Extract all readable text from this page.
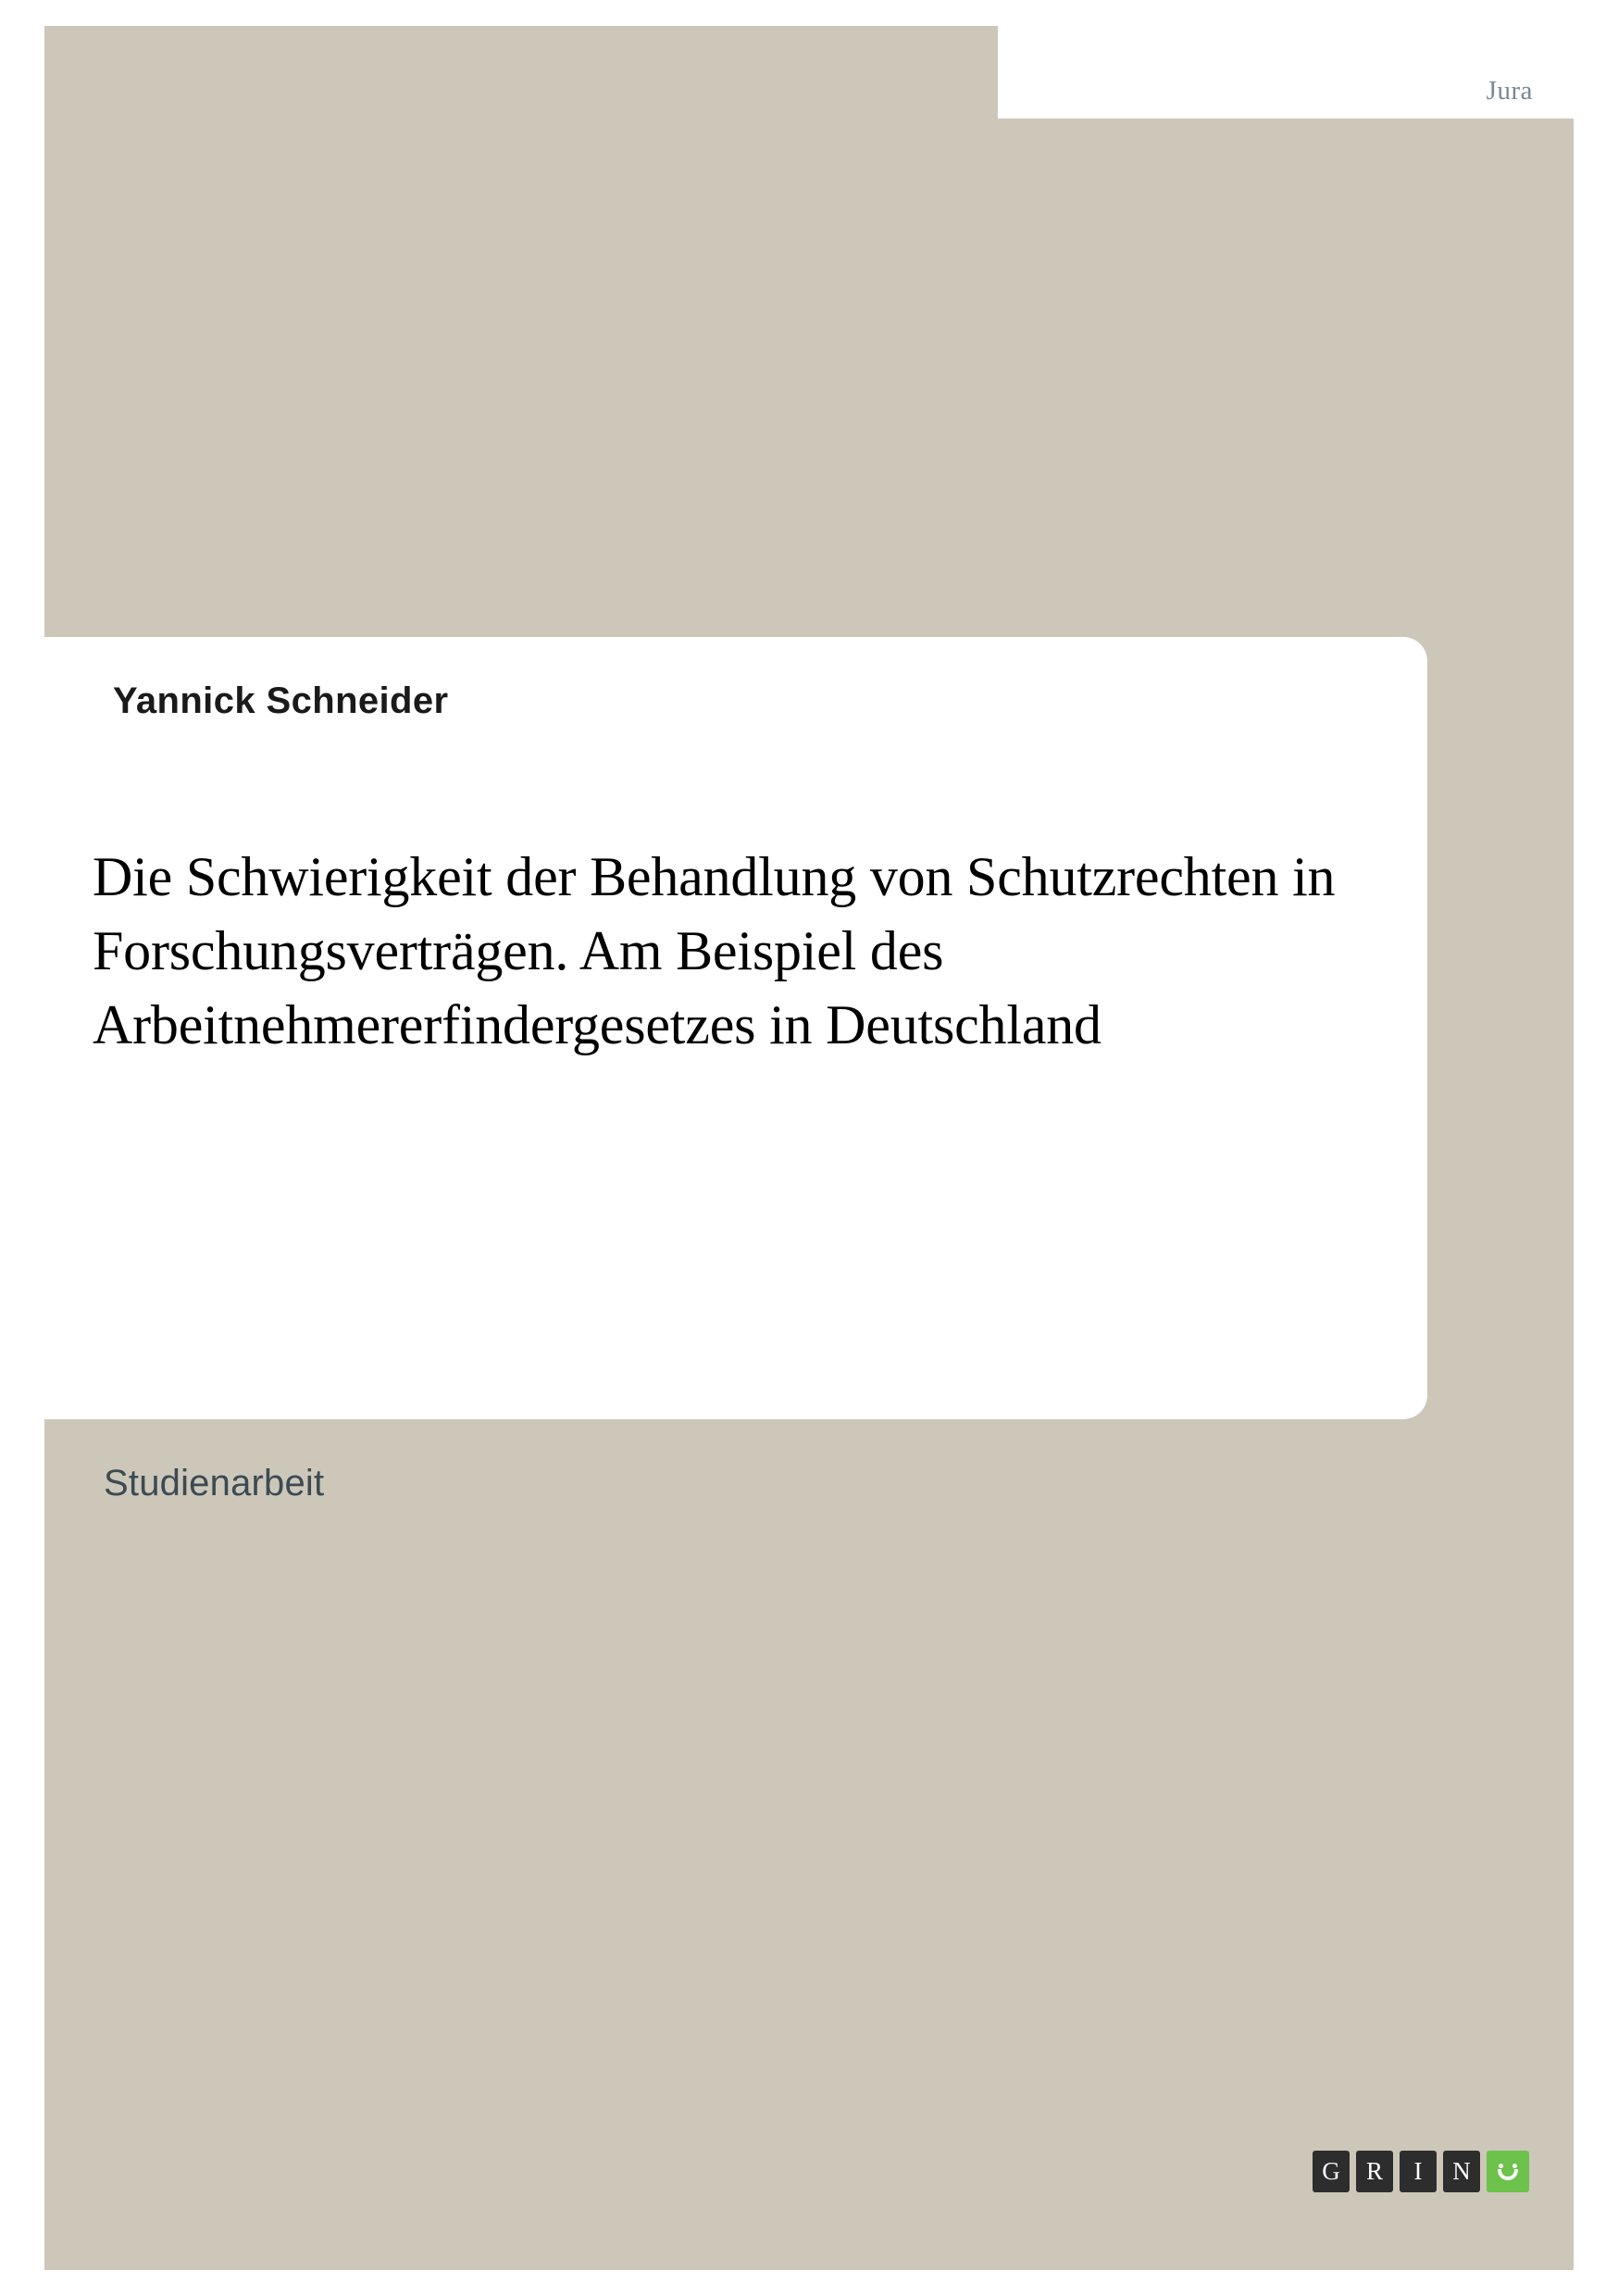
Jura
Yannick Schneider
Die Schwierigkeit der Behandlung von Schutzrechten in Forschungsverträgen. Am Beispiel des Arbeitnehmererfindergesetzes in Deutschland
Studienarbeit
G	R	I	N
